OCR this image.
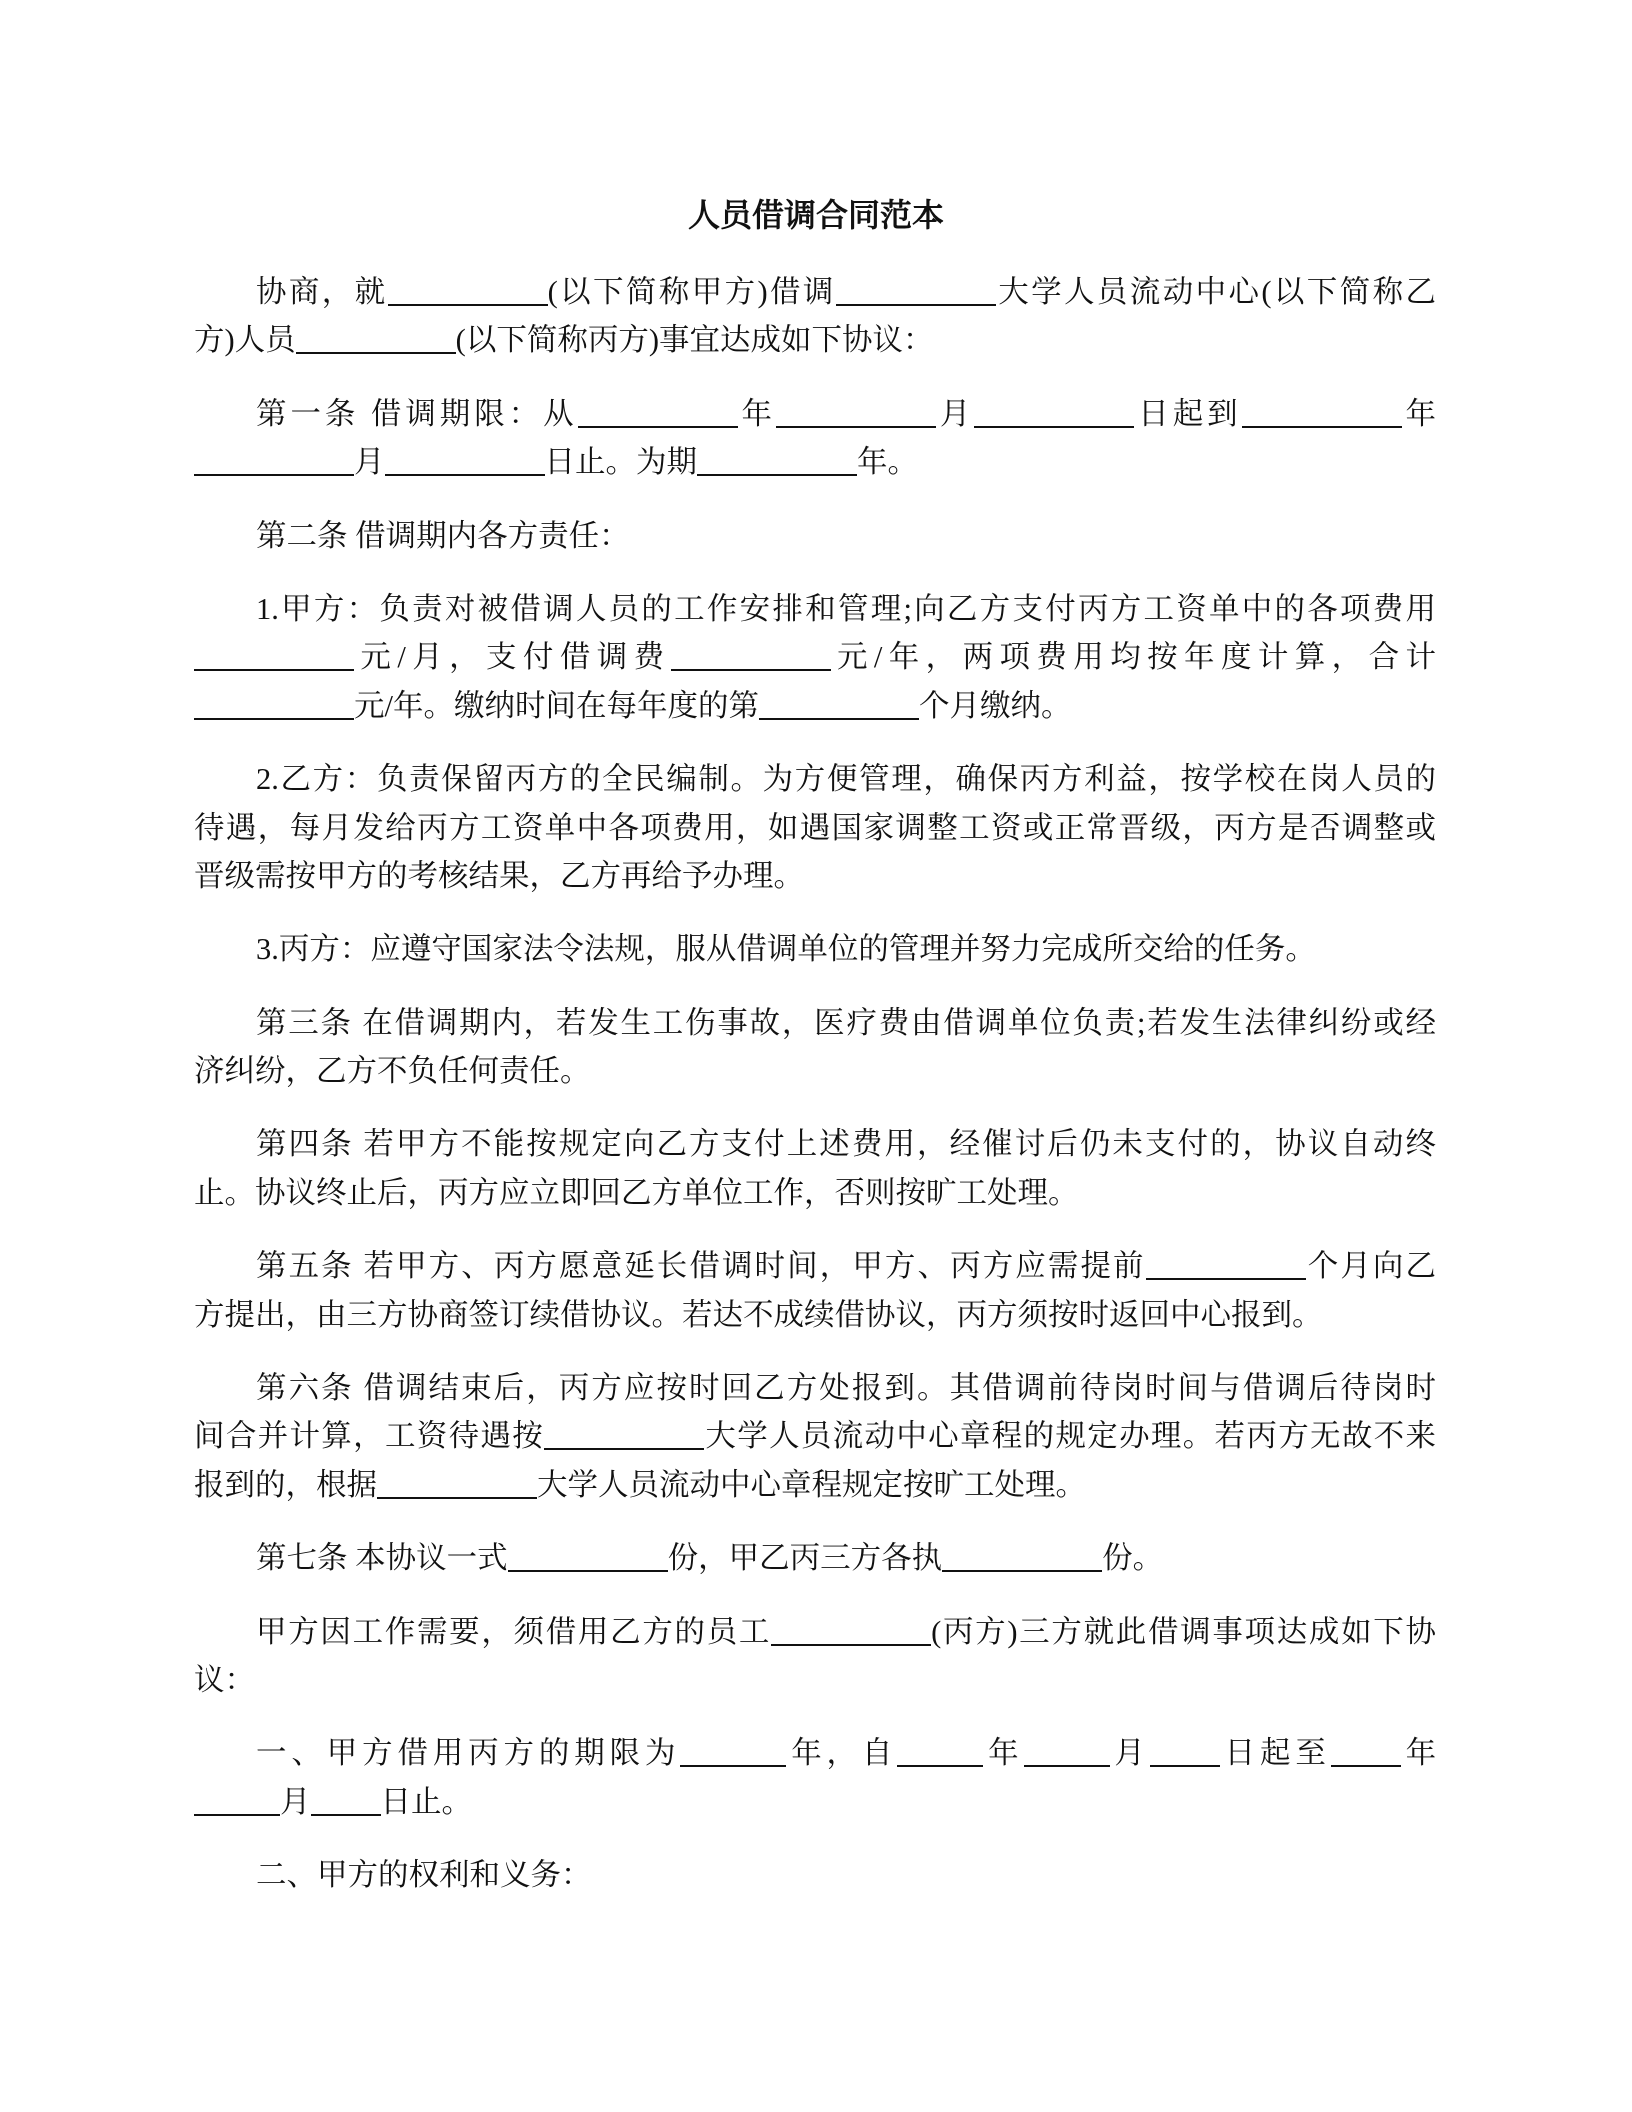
人员借调合同范本
协商，就	(以下简称甲方)借调	大学人员流动中心(以下简称乙
方)人员	(以下简称丙方)事宜达成如下协议：
第一条 借调期限：从	年	月	日起到	年
月	日止。为期	年。
第二条 借调期内各方责任：
1.甲方：负责对被借调人员的工作安排和管理;向乙方支付丙方工资单中的各项费用
元/月，支付借调费	元/年，两项费用均按年度计算，合计
元/年。缴纳时间在每年度的第	个月缴纳。
2.乙方：负责保留丙方的全民编制。为方便管理，确保丙方利益，按学校在岗人员的
待遇，每月发给丙方工资单中各项费用，如遇国家调整工资或正常晋级，丙方是否调整或
晋级需按甲方的考核结果，乙方再给予办理。
3.丙方：应遵守国家法令法规，服从借调单位的管理并努力完成所交给的任务。
第三条 在借调期内，若发生工伤事故，医疗费由借调单位负责;若发生法律纠纷或经
济纠纷，乙方不负任何责任。
第四条 若甲方不能按规定向乙方支付上述费用，经催讨后仍未支付的，协议自动终
止。协议终止后，丙方应立即回乙方单位工作，否则按旷工处理。
第五条 若甲方、丙方愿意延长借调时间，甲方、丙方应需提前	个月向乙
方提出，由三方协商签订续借协议。若达不成续借协议，丙方须按时返回中心报到。
第六条 借调结束后，丙方应按时回乙方处报到。其借调前待岗时间与借调后待岗时
间合并计算，工资待遇按	大学人员流动中心章程的规定办理。若丙方无故不来
报到的，根据	大学人员流动中心章程规定按旷工处理。
第七条 本协议一式	份，甲乙丙三方各执	份。
甲方因工作需要，须借用乙方的员工	(丙方)三方就此借调事项达成如下协
议：
一、甲方借用丙方的期限为	年，自	年	月 日起至 年
月 日止。
二、甲方的权利和义务：
